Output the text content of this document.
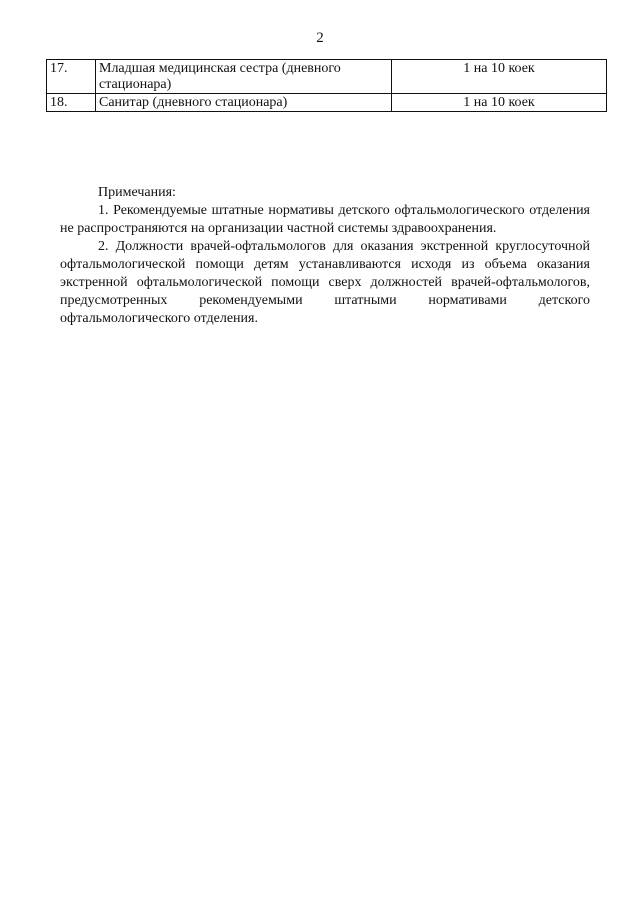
2
17.	Младшая медицинская сестра (дневного стационара)	1 на 10 коек
18.	Санитар (дневного стационара)	1 на 10 коек

Примечания:

1. Рекомендуемые штатные нормативы детского офтальмологического отделения не распространяются на организации частной системы здравоохранения.

2. Должности врачей-офтальмологов для оказания экстренной круглосуточной офтальмологической помощи детям устанавливаются исходя из объема оказания экстренной офтальмологической помощи сверх должностей врачей-офтальмологов, предусмотренных рекомендуемыми штатными нормативами детского офтальмологического отделения.
